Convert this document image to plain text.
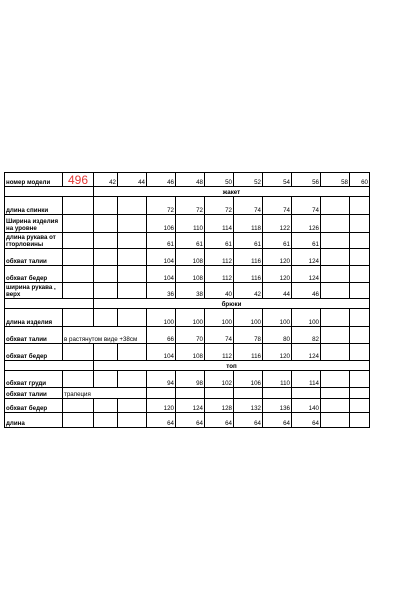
номер модели	496	42	44	46	48	50	52	54	56	58	60
		жакет									
длина спинки				72	72	72	74	74	74		
Ширина изделия на уровне				106	110	114	118	122	126		
длина рукава от гторловины				61	61	61	61	61	61		
обхват талии				104	108	112	116	120	124		
обхват бедер				104	108	112	116	120	124		
ширина рукава , верх				36	38	40	42	44	46		
		брюки									
длина изделия				100	100	100	100	100	100		
обхват талии	в растянутом виде +38см			66	70	74	78	80	82		
обхват бедер				104	108	112	116	120	124		
		топ									
обхват груди				94	98	102	106	110	114		
обхват талии	трапеция										
обхват бедер				120	124	128	132	136	140		
длина				64	64	64	64	64	64		
